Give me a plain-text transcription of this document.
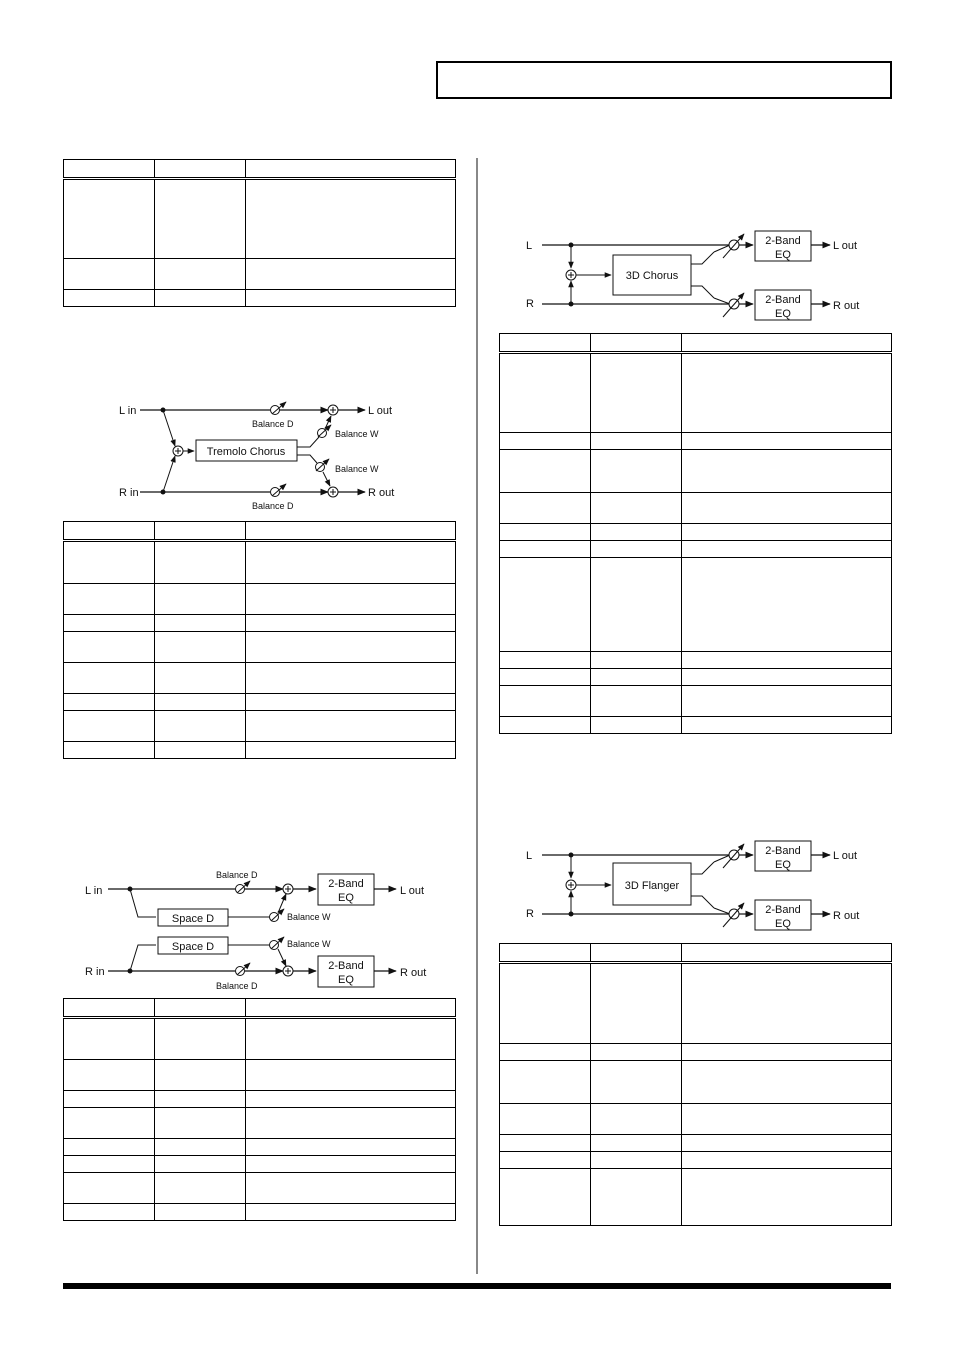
L in
R in
L out
Balance D
R out
Balance D
Tremolo Chorus
Balance W
Balance W

L in
R in
Balance D
2-Band
EQ
L out
Space D	Balance W
Space D	Balance W
Balance D
2-Band
EQ
R out

L
R
3D Chorus
2-Band
EQ
2-Band
EQ
L out
R out

L
R
3D Flanger
2-Band
EQ
2-Band
EQ
L out
R out
